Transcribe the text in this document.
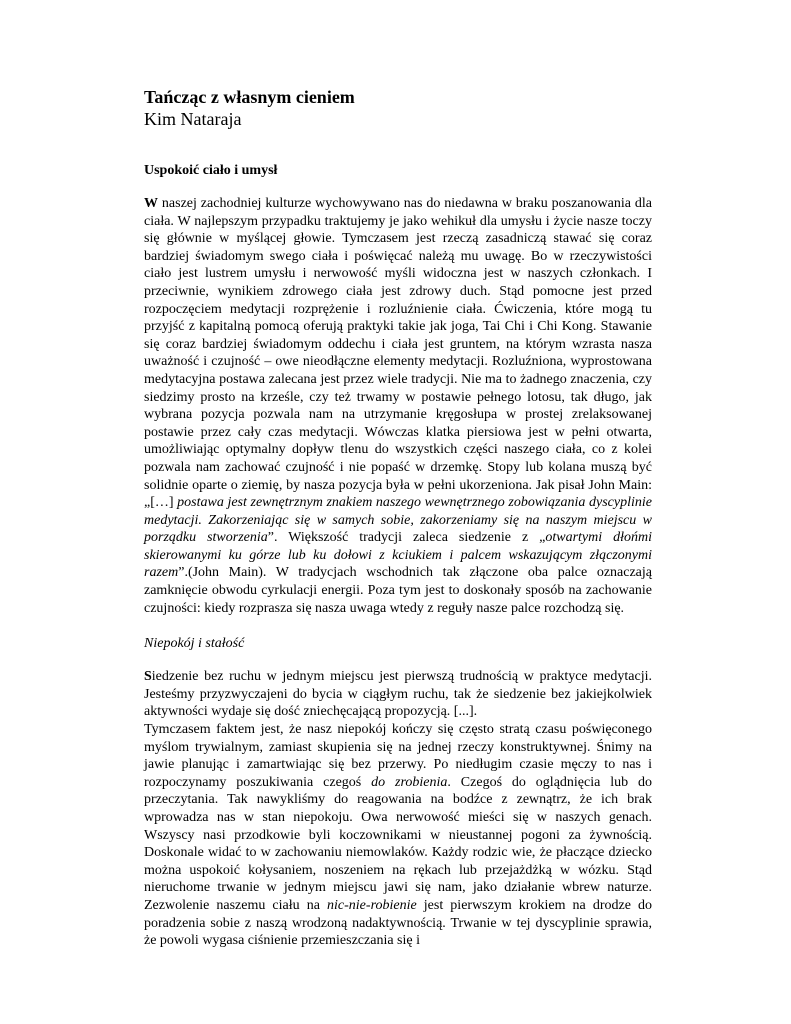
Tańcząc z własnym cieniem

Kim Nataraja

Uspokoić ciało i umysł

W naszej zachodniej kulturze wychowywano nas do niedawna w braku poszanowania dla ciała. W najlepszym przypadku traktujemy je jako wehikuł dla umysłu i życie nasze toczy się głównie w myślącej głowie. Tymczasem jest rzeczą zasadniczą stawać się coraz bardziej świadomym swego ciała i poświęcać należą mu uwagę. Bo w rzeczywistości ciało jest lustrem umysłu i nerwowość myśli widoczna jest w naszych członkach. I przeciwnie, wynikiem zdrowego ciała jest zdrowy duch. Stąd pomocne jest przed rozpoczęciem medytacji rozprężenie i rozluźnienie ciała. Ćwiczenia, które mogą tu przyjść z kapitalną pomocą oferują praktyki takie jak joga, Tai Chi i Chi Kong. Stawanie się coraz bardziej świadomym oddechu i ciała jest gruntem, na którym wzrasta nasza uważność i czujność – owe nieodłączne elementy medytacji. Rozluźniona, wyprostowana medytacyjna postawa zalecana jest przez wiele tradycji. Nie ma to żadnego znaczenia, czy siedzimy prosto na krześle, czy też trwamy w postawie pełnego lotosu, tak długo, jak wybrana pozycja pozwala nam na utrzymanie kręgosłupa w prostej zrelaksowanej postawie przez cały czas medytacji. Wówczas klatka piersiowa jest w pełni otwarta, umożliwiając optymalny dopływ tlenu do wszystkich części naszego ciała, co z kolei pozwala nam zachować czujność i nie popaść w drzemkę. Stopy lub kolana muszą być solidnie oparte o ziemię, by nasza pozycja była w pełni ukorzeniona. Jak pisał John Main: „[…] postawa jest zewnętrznym znakiem naszego wewnętrznego zobowiązania dyscyplinie medytacji. Zakorzeniając się w samych sobie, zakorzeniamy się na naszym miejscu w porządku stworzenia”. Większość tradycji zaleca siedzenie z „otwartymi dłońmi skierowanymi ku górze lub ku dołowi z kciukiem i palcem wskazującym złączonymi razem”.(John Main). W tradycjach wschodnich tak złączone oba palce oznaczają zamknięcie obwodu cyrkulacji energii. Poza tym jest to doskonały sposób na zachowanie czujności: kiedy rozprasza się nasza uwaga wtedy z reguły nasze palce rozchodzą się.

Niepokój i stałość

Siedzenie bez ruchu w jednym miejscu jest pierwszą trudnością w praktyce medytacji. Jesteśmy przyzwyczajeni do bycia w ciągłym ruchu, tak że siedzenie bez jakiejkolwiek aktywności wydaje się dość zniechęcającą propozycją. [...].

Tymczasem faktem jest, że nasz niepokój kończy się często stratą czasu poświęconego myślom trywialnym, zamiast skupienia się na jednej rzeczy konstruktywnej. Śnimy na jawie planując i zamartwiając się bez przerwy. Po niedługim czasie męczy to nas i rozpoczynamy poszukiwania czegoś do zrobienia. Czegoś do oglądnięcia lub do przeczytania. Tak nawykliśmy do reagowania na bodźce z zewnątrz, że ich brak wprowadza nas w stan niepokoju. Owa nerwowość mieści się w naszych genach. Wszyscy nasi przodkowie byli koczownikami w nieustannej pogoni za żywnością. Doskonale widać to w zachowaniu niemowlaków. Każdy rodzic wie, że płaczące dziecko można uspokoić kołysaniem, noszeniem na rękach lub przejażdżką w wózku. Stąd nieruchome trwanie w jednym miejscu jawi się nam, jako działanie wbrew naturze. Zezwolenie naszemu ciału na nic-nie-robienie jest pierwszym krokiem na drodze do poradzenia sobie z naszą wrodzoną nadaktywnością. Trwanie w tej dyscyplinie sprawia, że powoli wygasa ciśnienie przemieszczania się i
